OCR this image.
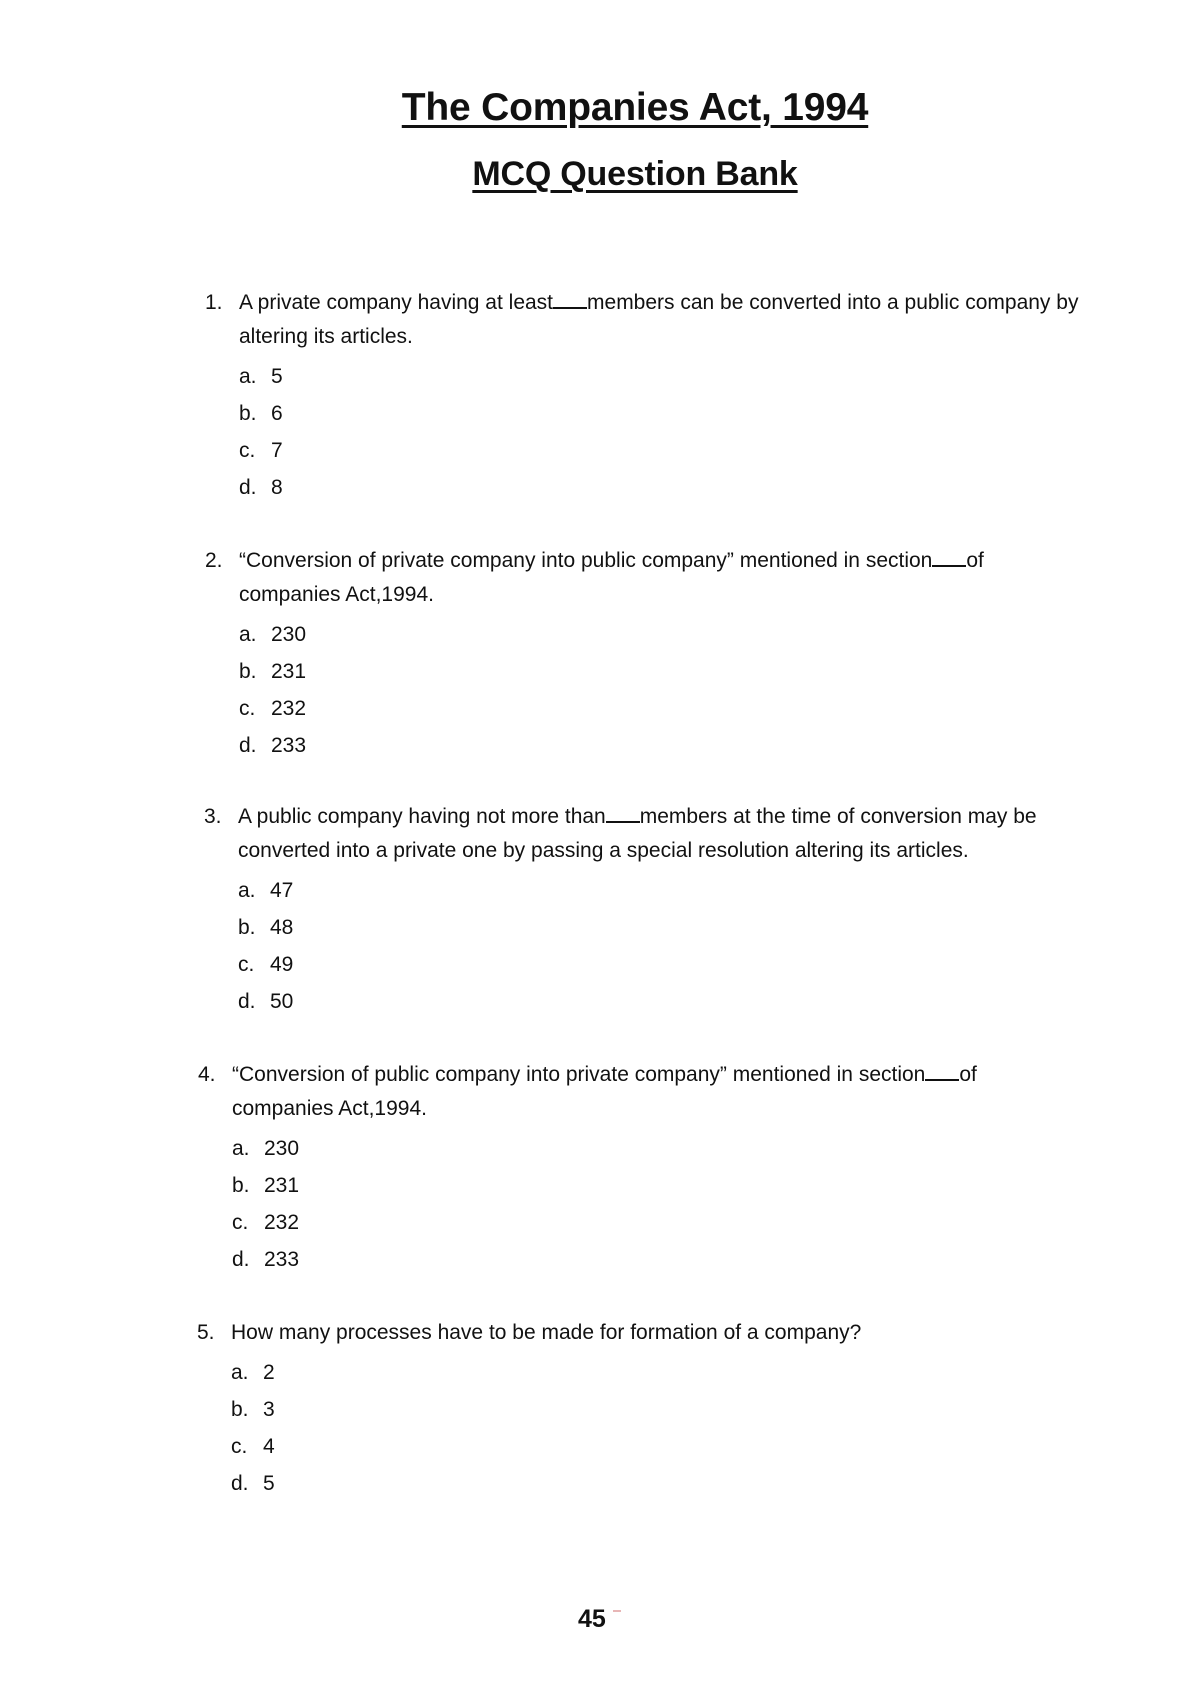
The Companies Act, 1994
MCQ Question Bank
1. A private company having at least members can be converted into a public company by altering its articles.
a. 5
b. 6
c. 7
d. 8
2. “Conversion of private company into public company” mentioned in section of companies Act,1994.
a. 230
b. 231
c. 232
d. 233
3. A public company having not more than members at the time of conversion may be converted into a private one by passing a special resolution altering its articles.
a. 47
b. 48
c. 49
d. 50
4. “Conversion of public company into private company” mentioned in section of companies Act,1994.
a. 230
b. 231
c. 232
d. 233
5. How many processes have to be made for formation of a company?
a. 2
b. 3
c. 4
d. 5
45
